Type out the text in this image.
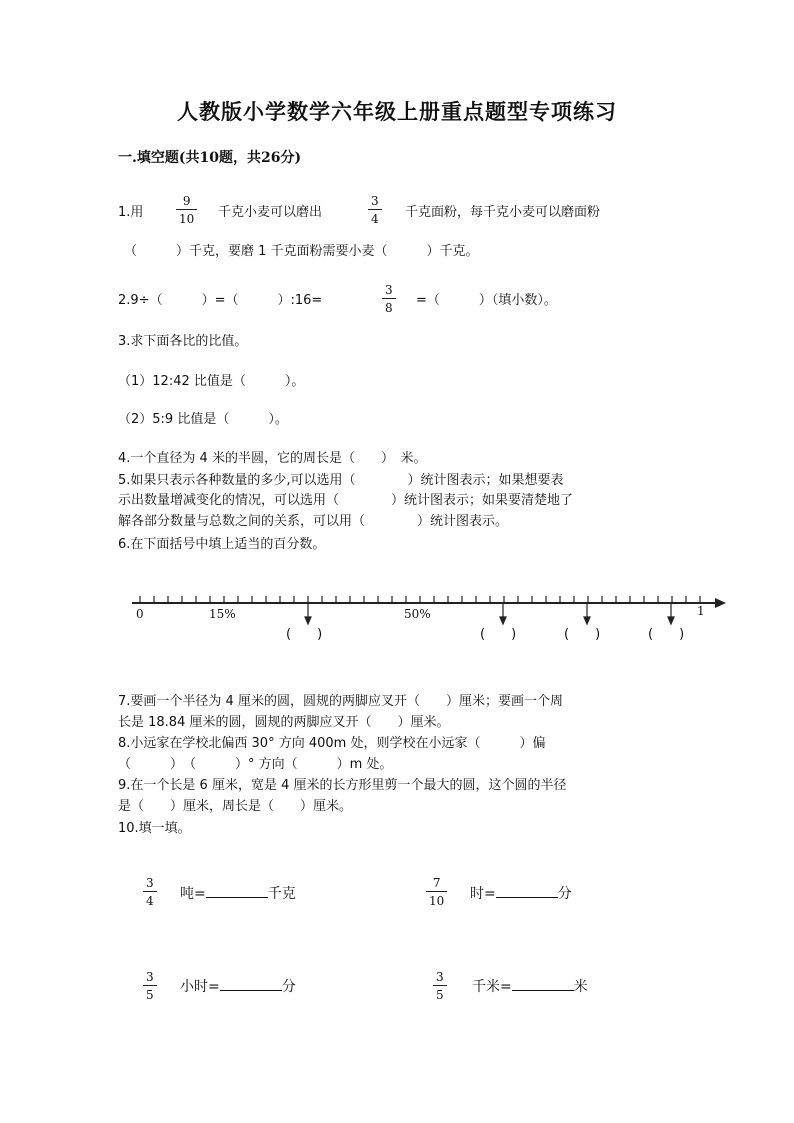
人教版小学数学六年级上册重点题型专项练习
一.填空题(共10题，共26分)
1.用
9
10 千克小麦可以磨出
3
4 千克面粉，每千克小麦可以磨面粉
（　　　）千克，要磨 1 千克面粉需要小麦（　　　）千克。
2.9÷（　　　）=（　　　）:16=
3
8 =（　　　）（填小数）。
3.求下面各比的比值。
（1）12:42 比值是（　　　）。
（2）5:9 比值是（　　　）。
4.一个直径为 4 米的半圆，它的周长是（　　）　米。
5.如果只表示各种数量的多少,可以选用（　　　　）统计图表示；如果想要表
示出数量增减变化的情况，可以选用（　　　　）统计图表示；如果要清楚地了
解各部分数量与总数之间的关系，可以用（　　　　）统计图表示。
6.在下面括号中填上适当的百分数。
0	15%	50%	1
(　　)	(　　)	(　　)	(　　)
7.要画一个半径为 4 厘米的圆，圆规的两脚应叉开（　　）厘米；要画一个周
长是 18.84 厘米的圆，圆规的两脚应叉开（　　）厘米。
8.小远家在学校北偏西 30° 方向 400m 处，则学校在小远家（　　　）偏
（　　　）　（　　　）° 方向（　　　）m 处。
9.在一个长是 6 厘米，宽是 4 厘米的长方形里剪一个最大的圆，这个圆的半径
是（　　）厘米，周长是（　　）厘米。
10.填一填。
3
4 吨=	千克
7
10 时=	分
3
5 小时=	分
3
5 千米=	米
